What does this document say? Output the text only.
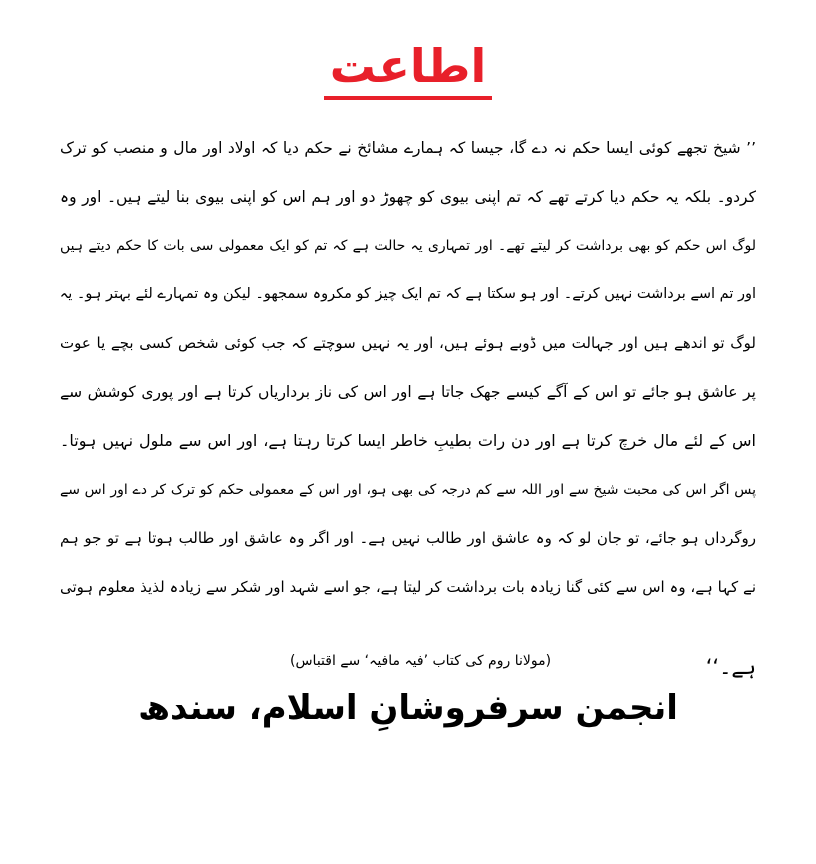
اطاعت
’’ شیخ تجھے کوئی ایسا حکم نہ دے گا، جیسا کہ ہمارے مشائخ نے حکم دیا کہ اولاد اور مال و منصب کو ترک
کردو۔ بلکہ یہ حکم دیا کرتے تھے کہ تم اپنی بیوی کو چھوڑ دو اور ہم اس کو اپنی بیوی بنا لیتے ہیں۔ اور وہ
لوگ اس حکم کو بھی برداشت کر لیتے تھے۔ اور تمہاری یہ حالت ہے کہ تم کو ایک معمولی سی بات کا حکم دیتے ہیں
اور تم اسے برداشت نہیں کرتے۔ اور ہو سکتا ہے کہ تم ایک چیز کو مکروہ سمجھو۔ لیکن وہ تمہارے لئے بہتر ہو۔ یہ
لوگ تو اندھے ہیں اور جہالت میں ڈوبے ہوئے ہیں، اور یہ نہیں سوچتے کہ جب کوئی شخص کسی بچے یا عوت
پر عاشق ہو جائے تو اس کے آگے کیسے جھک جاتا ہے اور اس کی ناز برداریاں کرتا ہے اور پوری کوشش سے
اس کے لئے مال خرچ کرتا ہے اور دن رات بطیبِ خاطر ایسا کرتا رہتا ہے، اور اس سے ملول نہیں ہوتا۔
پس اگر اس کی محبت شیخ سے اور اللہ سے کم درجہ کی بھی ہو، اور اس کے معمولی حکم کو ترک کر دے اور اس سے
روگرداں ہو جائے، تو جان لو کہ وہ عاشق اور طالب نہیں ہے۔ اور اگر وہ عاشق اور طالب ہوتا ہے تو جو ہم
نے کہا ہے، وہ اس سے کئی گنا زیادہ بات برداشت کر لیتا ہے، جو اسے شہد اور شکر سے زیادہ لذیذ معلوم ہوتی
ہے۔‘‘
(مولانا روم کی کتاب ’فیہ مافیہ‘ سے اقتباس)
انجمن سرفروشانِ اسلام، سندھ
